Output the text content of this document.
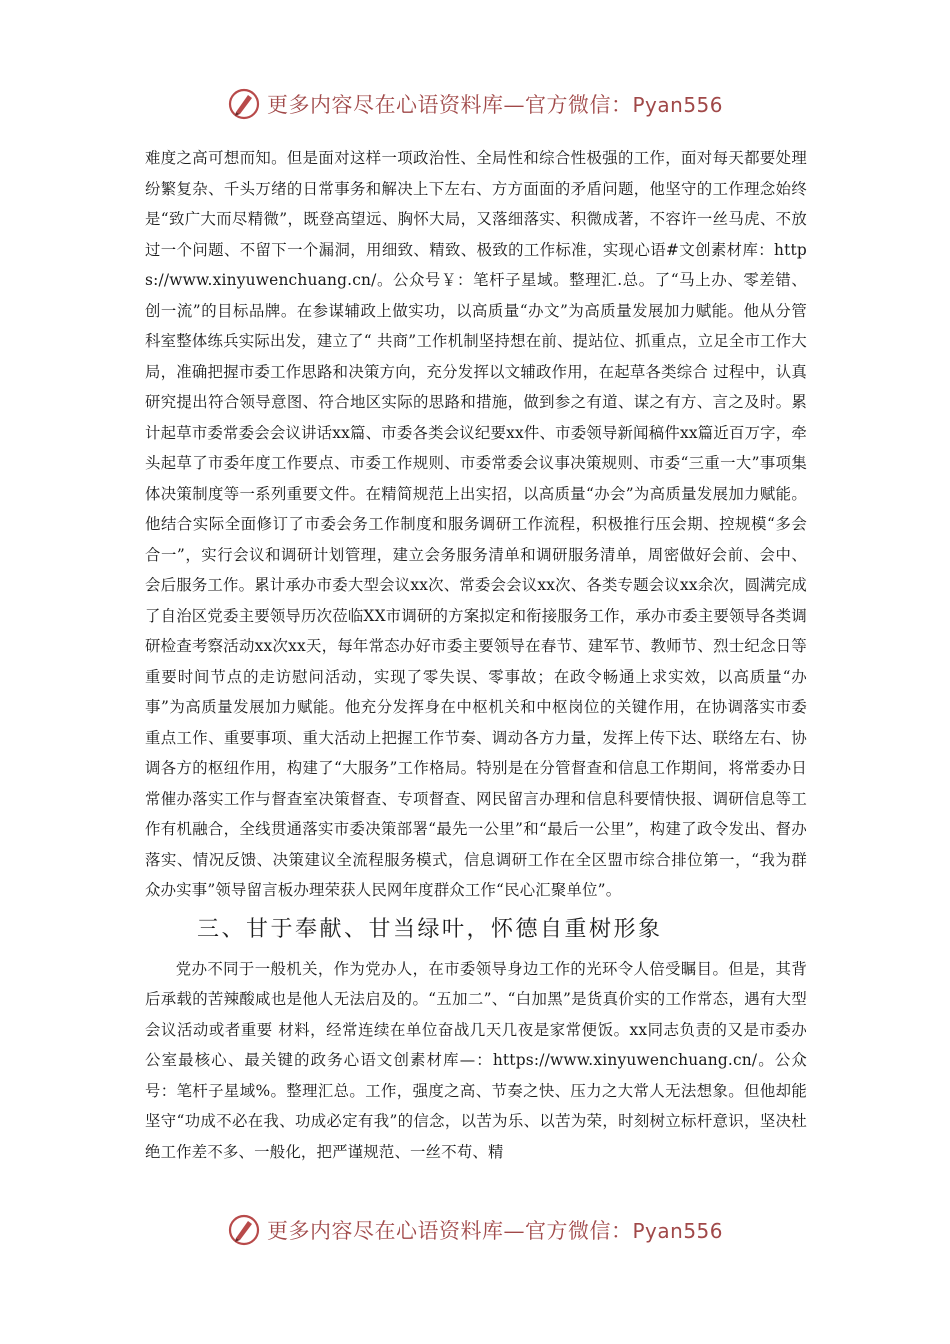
更多内容尽在心语资料库—官方微信：Pyan556

难度之高可想而知。但是面对这样一项政治性、全局性和综合性极强的工作，面对每天都要处理纷繁复杂、千头万绪的日常事务和解决上下左右、方方面面的矛盾问题，他坚守的工作理念始终是“致广大而尽精微”，既登高望远、胸怀大局，又落细落实、积微成著，不容许一丝马虎、不放过一个问题、不留下一个漏洞，用细致、精致、极致的工作标准，实现心语#文创素材库：https://www.xinyuwenchuang.cn/。公众号￥：笔杆子星域。整理汇.总。了“马上办、零差错、创一流”的目标品牌。在参谋辅政上做实功，以高质量“办文”为高质量发展加力赋能。他从分管科室整体练兵实际出发，建立了“ 共商”工作机制坚持想在前、提站位、抓重点，立足全市工作大局，准确把握市委工作思路和决策方向，充分发挥以文辅政作用，在起草各类综合 过程中，认真研究提出符合领导意图、符合地区实际的思路和措施，做到参之有道、谋之有方、言之及时。累计起草市委常委会会议讲话xx篇、市委各类会议纪要xx件、市委领导新闻稿件xx篇近百万字，牵头起草了市委年度工作要点、市委工作规则、市委常委会议事决策规则、市委“三重一大”事项集体决策制度等一系列重要文件。在精简规范上出实招，以高质量“办会”为高质量发展加力赋能。他结合实际全面修订了市委会务工作制度和服务调研工作流程，积极推行压会期、控规模“多会合一”，实行会议和调研计划管理，建立会务服务清单和调研服务清单，周密做好会前、会中、会后服务工作。累计承办市委大型会议xx次、常委会会议xx次、各类专题会议xx余次，圆满完成了自治区党委主要领导历次莅临XX市调研的方案拟定和衔接服务工作，承办市委主要领导各类调研检查考察活动xx次xx天，每年常态办好市委主要领导在春节、建军节、教师节、烈士纪念日等重要时间节点的走访慰问活动，实现了零失误、零事故；在政令畅通上求实效，以高质量“办事”为高质量发展加力赋能。他充分发挥身在中枢机关和中枢岗位的关键作用，在协调落实市委重点工作、重要事项、重大活动上把握工作节奏、调动各方力量，发挥上传下达、联络左右、协调各方的枢纽作用，构建了“大服务”工作格局。特别是在分管督查和信息工作期间，将常委办日常催办落实工作与督查室决策督查、专项督查、网民留言办理和信息科要情快报、调研信息等工作有机融合，全线贯通落实市委决策部署“最先一公里”和“最后一公里”，构建了政令发出、督办落实、情况反馈、决策建议全流程服务模式，信息调研工作在全区盟市综合排位第一，“我为群众办实事”领导留言板办理荣获人民网年度群众工作“民心汇聚单位”。

三、甘于奉献、甘当绿叶，怀德自重树形象

党办不同于一般机关，作为党办人，在市委领导身边工作的光环令人倍受瞩目。但是，其背后承载的苦辣酸咸也是他人无法启及的。“五加二”、“白加黑”是货真价实的工作常态，遇有大型会议活动或者重要 材料，经常连续在单位奋战几天几夜是家常便饭。xx同志负责的又是市委办公室最核心、最关键的政务心语文创素材库—：https://www.xinyuwenchuang.cn/。公众号：笔杆子星域%。整理汇总。工作，强度之高、节奏之快、压力之大常人无法想象。但他却能坚守“功成不必在我、功成必定有我”的信念，以苦为乐、以苦为荣，时刻树立标杆意识，坚决杜绝工作差不多、一般化，把严谨规范、一丝不苟、精

更多内容尽在心语资料库—官方微信：Pyan556
